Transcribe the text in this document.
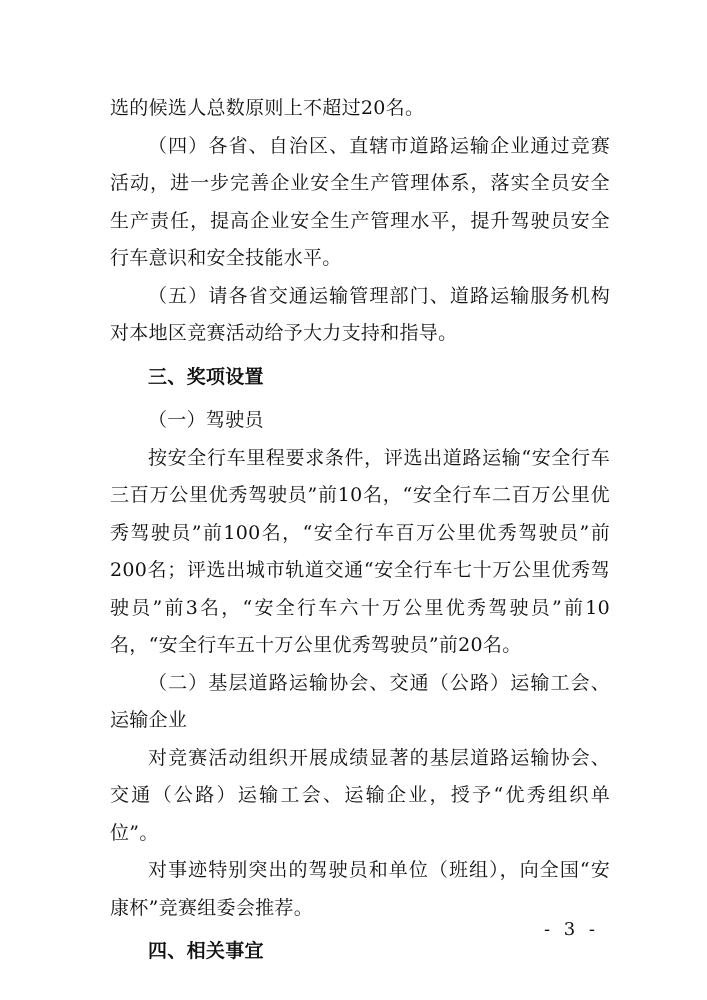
选的候选人总数原则上不超过20名。

（四）各省、自治区、直辖市道路运输企业通过竞赛活动，进一步完善企业安全生产管理体系，落实全员安全生产责任，提高企业安全生产管理水平，提升驾驶员安全行车意识和安全技能水平。

（五）请各省交通运输管理部门、道路运输服务机构对本地区竞赛活动给予大力支持和指导。

三、奖项设置

（一）驾驶员

按安全行车里程要求条件，评选出道路运输“安全行车三百万公里优秀驾驶员”前10名，“安全行车二百万公里优秀驾驶员”前100名，“安全行车百万公里优秀驾驶员”前200名；评选出城市轨道交通“安全行车七十万公里优秀驾驶员”前3名，“安全行车六十万公里优秀驾驶员”前10名，“安全行车五十万公里优秀驾驶员”前20名。

（二）基层道路运输协会、交通（公路）运输工会、运输企业

对竞赛活动组织开展成绩显著的基层道路运输协会、交通（公路）运输工会、运输企业，授予“优秀组织单位”。

对事迹特别突出的驾驶员和单位（班组），向全国“安康杯”竞赛组委会推荐。

四、相关事宜

- 3 -
